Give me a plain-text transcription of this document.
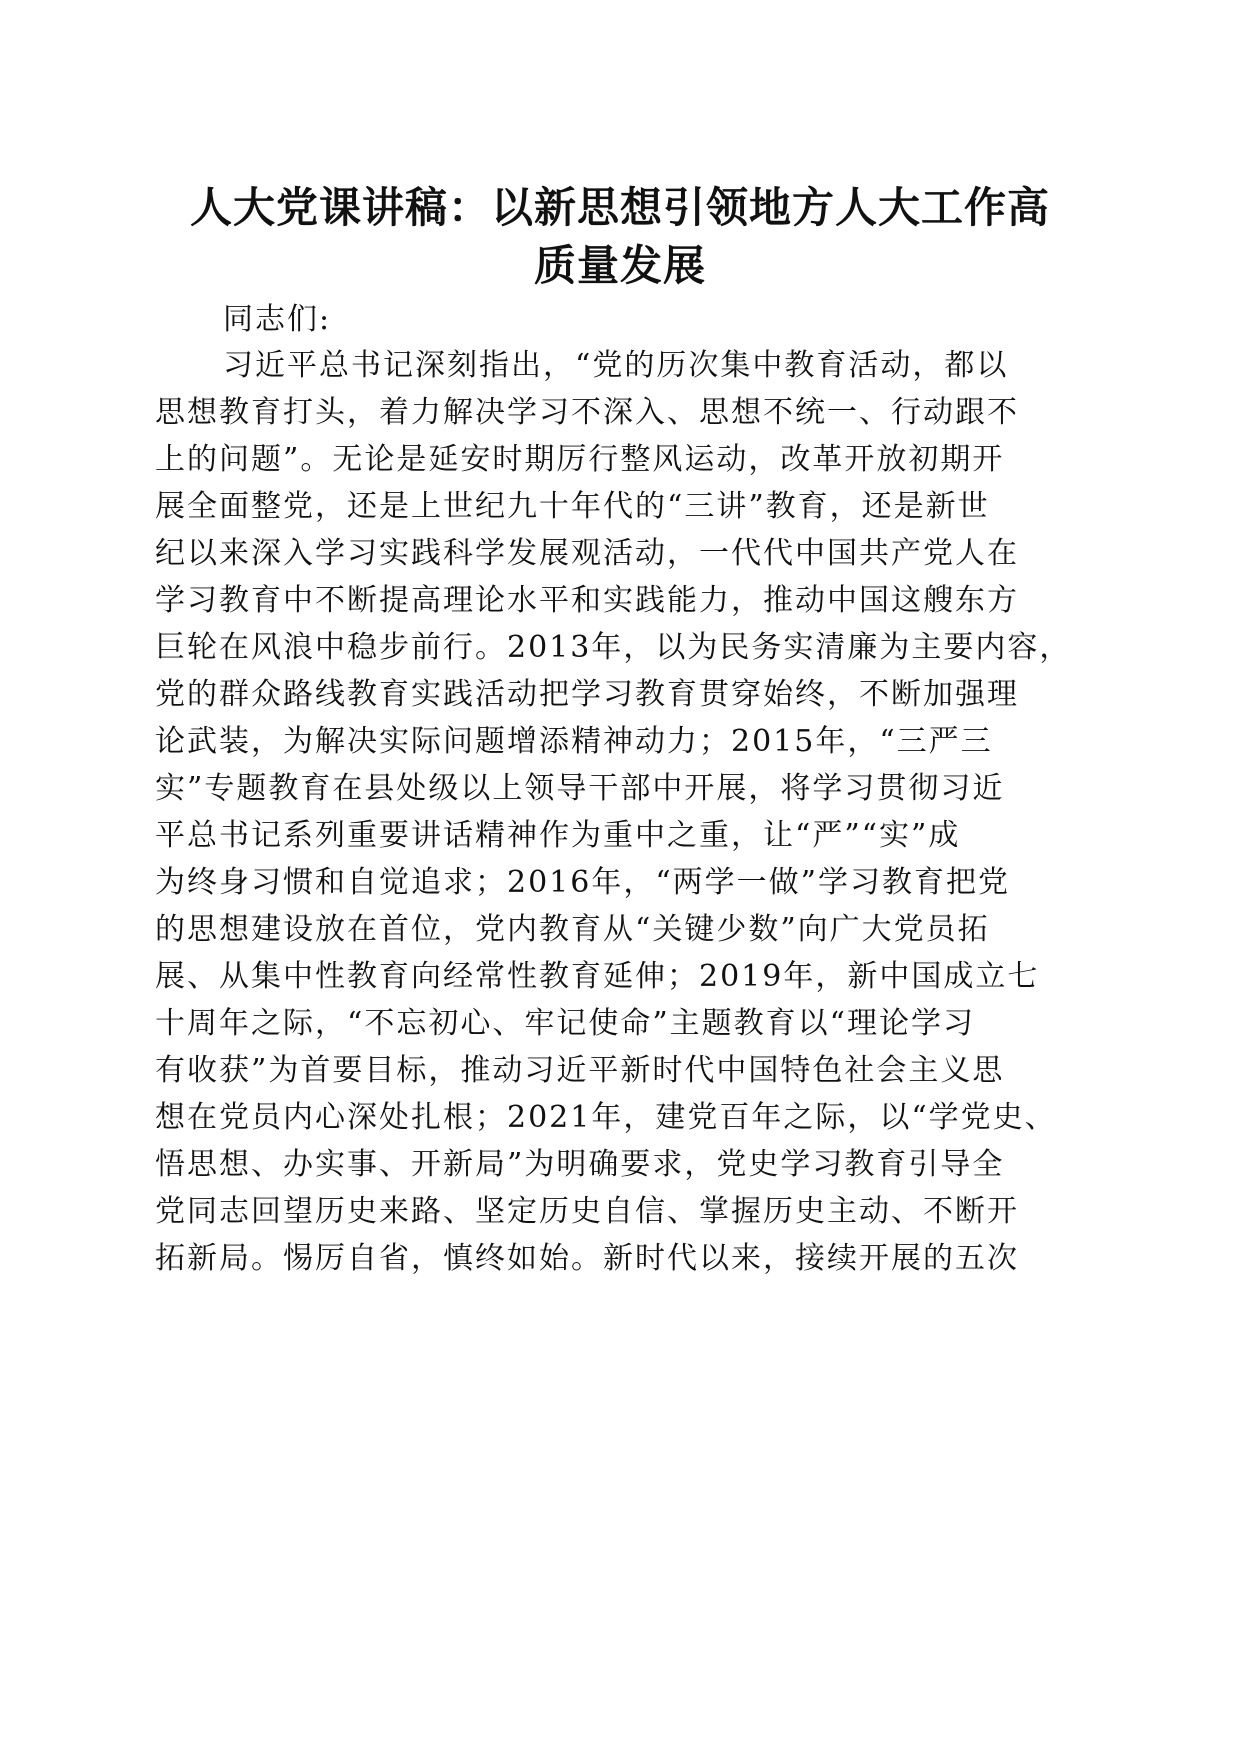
人大党课讲稿：以新思想引领地方人大工作高
质量发展
同志们:
习近平总书记深刻指出，“党的历次集中教育活动，都以
思想教育打头，着力解决学习不深入、思想不统一、行动跟不
上的问题”。无论是延安时期厉行整风运动，改革开放初期开
展全面整党，还是上世纪九十年代的“三讲”教育，还是新世
纪以来深入学习实践科学发展观活动，一代代中国共产党人在
学习教育中不断提高理论水平和实践能力，推动中国这艘东方
巨轮在风浪中稳步前行。2013年，以为民务实清廉为主要内容，
党的群众路线教育实践活动把学习教育贯穿始终，不断加强理
论武装，为解决实际问题增添精神动力；2015年，“三严三
实”专题教育在县处级以上领导干部中开展，将学习贯彻习近
平总书记系列重要讲话精神作为重中之重，让“严”“实”成
为终身习惯和自觉追求；2016年，“两学一做”学习教育把党
的思想建设放在首位，党内教育从“关键少数”向广大党员拓
展、从集中性教育向经常性教育延伸；2019年，新中国成立七
十周年之际，“不忘初心、牢记使命”主题教育以“理论学习
有收获”为首要目标，推动习近平新时代中国特色社会主义思
想在党员内心深处扎根；2021年，建党百年之际，以“学党史、
悟思想、办实事、开新局”为明确要求，党史学习教育引导全
党同志回望历史来路、坚定历史自信、掌握历史主动、不断开
拓新局。惕厉自省，慎终如始。新时代以来，接续开展的五次
